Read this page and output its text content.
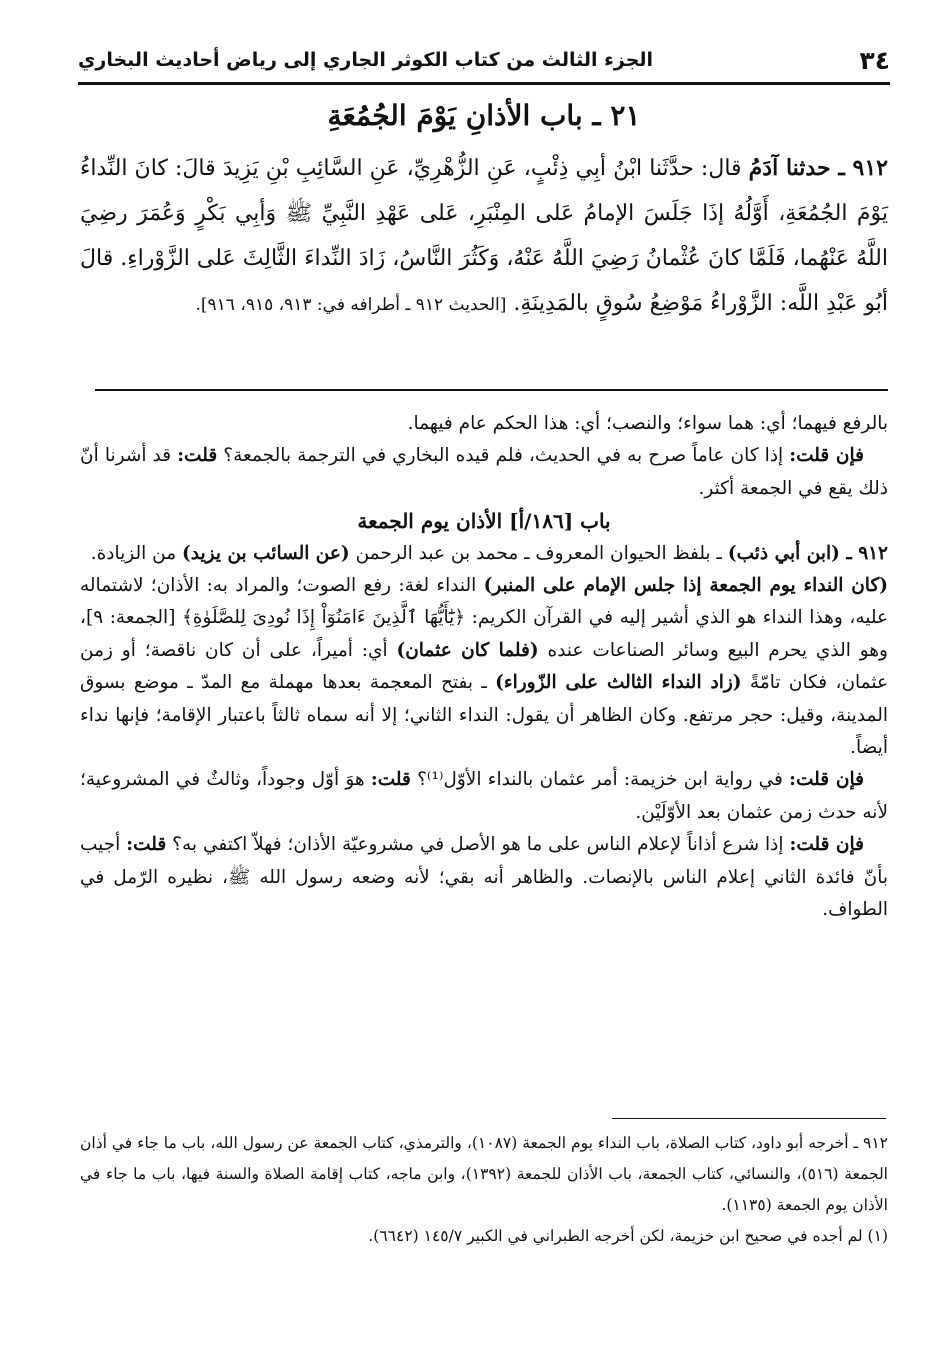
٣٤
الجزء الثالث من كتاب الكوثر الجاري إلى رياض أحاديث البخاري
٢١ ـ باب الأذانِ يَوْمَ الجُمُعَةِ

٩١٢ ـ حدثنا آدَمُ قال: حدَّثَنا ابْنُ أبِي ذِئْبٍ، عَنِ الزُّهْرِيِّ، عَنِ السَّائِبِ بْنِ يَزِيدَ قالَ: كانَ النِّداءُ يَوْمَ الجُمُعَةِ، أَوَّلُهُ إذَا جَلَسَ الإمامُ عَلى المِنْبَرِ، عَلى عَهْدِ النَّبِيِّ ﷺ وَأبِي بَكْرٍ وَعُمَرَ رضِيَ اللَّهُ عَنْهُما، فَلَمَّا كانَ عُثْمانُ رَضِيَ اللَّهُ عَنْهُ، وَكَثُرَ النَّاسُ، زَادَ النِّداءَ الثَّالِثَ عَلى الزَّوْراءِ. قالَ أبُو عَبْدِ اللَّه: الزَّوْراءُ مَوْضِعُ سُوقٍ بالمَدِينَةِ. [الحديث ٩١٢ ـ أطرافه في: ٩١٣، ٩١٥، ٩١٦].

بالرفع فيهما؛ أي: هما سواء؛ والنصب؛ أي: هذا الحكم عام فيهما.

فإن قلت: إذا كان عاماً صرح به في الحديث، فلم قيده البخاري في الترجمة بالجمعة؟ قلت: قد أشرنا أنّ ذلك يقع في الجمعة أكثر.

باب [١٨٦/أ] الأذان يوم الجمعة

٩١٢ ـ (ابن أبي ذئب) ـ بلفظ الحيوان المعروف ـ محمد بن عبد الرحمن (عن السائب بن يزيد) من الزيادة.

(كان النداء يوم الجمعة إذا جلس الإمام على المنبر) النداء لغة: رفع الصوت؛ والمراد به: الأذان؛ لاشتماله عليه، وهذا النداء هو الذي أشير إليه في القرآن الكريم: ﴿يَٰٓأَيُّهَا ٱلَّذِينَ ءَامَنُوٓاْ إِذَا نُودِىَ لِلصَّلَوٰةِ﴾ [الجمعة: ٩]، وهو الذي يحرم البيع وسائر الصناعات عنده (فلما كان عثمان) أي: أميراً، على أن كان ناقصة؛ أو زمن عثمان، فكان تامّةً (زاد النداء الثالث على الزّوراء) ـ بفتح المعجمة بعدها مهملة مع المدّ ـ موضع بسوق المدينة، وقيل: حجر مرتفع. وكان الظاهر أن يقول: النداء الثاني؛ إلا أنه سماه ثالثاً باعتبار الإقامة؛ فإنها نداء أيضاً.

فإن قلت: في رواية ابن خزيمة: أمر عثمان بالنداء الأوّل⁽¹⁾؟ قلت: هوَ أوّل وجوداً، وثالثٌ في المشروعية؛ لأنه حدث زمن عثمان بعد الأوّلَيْن.

فإن قلت: إذا شرع أذاناً لإعلام الناس على ما هو الأصل في مشروعيّة الأذان؛ فهلاّ اكتفي به؟ قلت: أجيب بأنّ فائدة الثاني إعلام الناس بالإنصات. والظاهر أنه بقي؛ لأنه وضعه رسول الله ﷺ، نظيره الرّمل في الطواف.

٩١٢ ـ أخرجه أبو داود، كتاب الصلاة، باب النداء يوم الجمعة (١٠٨٧)، والترمذي، كتاب الجمعة عن رسول الله، باب ما جاء في أذان الجمعة (٥١٦)، والنسائي، كتاب الجمعة، باب الأذان للجمعة (١٣٩٢)، وابن ماجه، كتاب إقامة الصلاة والسنة فيها، باب ما جاء في الأذان يوم الجمعة (١١٣٥).

(١) لم أجده في صحيح ابن خزيمة، لكن أخرجه الطبراني في الكبير ١٤٥/٧ (٦٦٤٢).
